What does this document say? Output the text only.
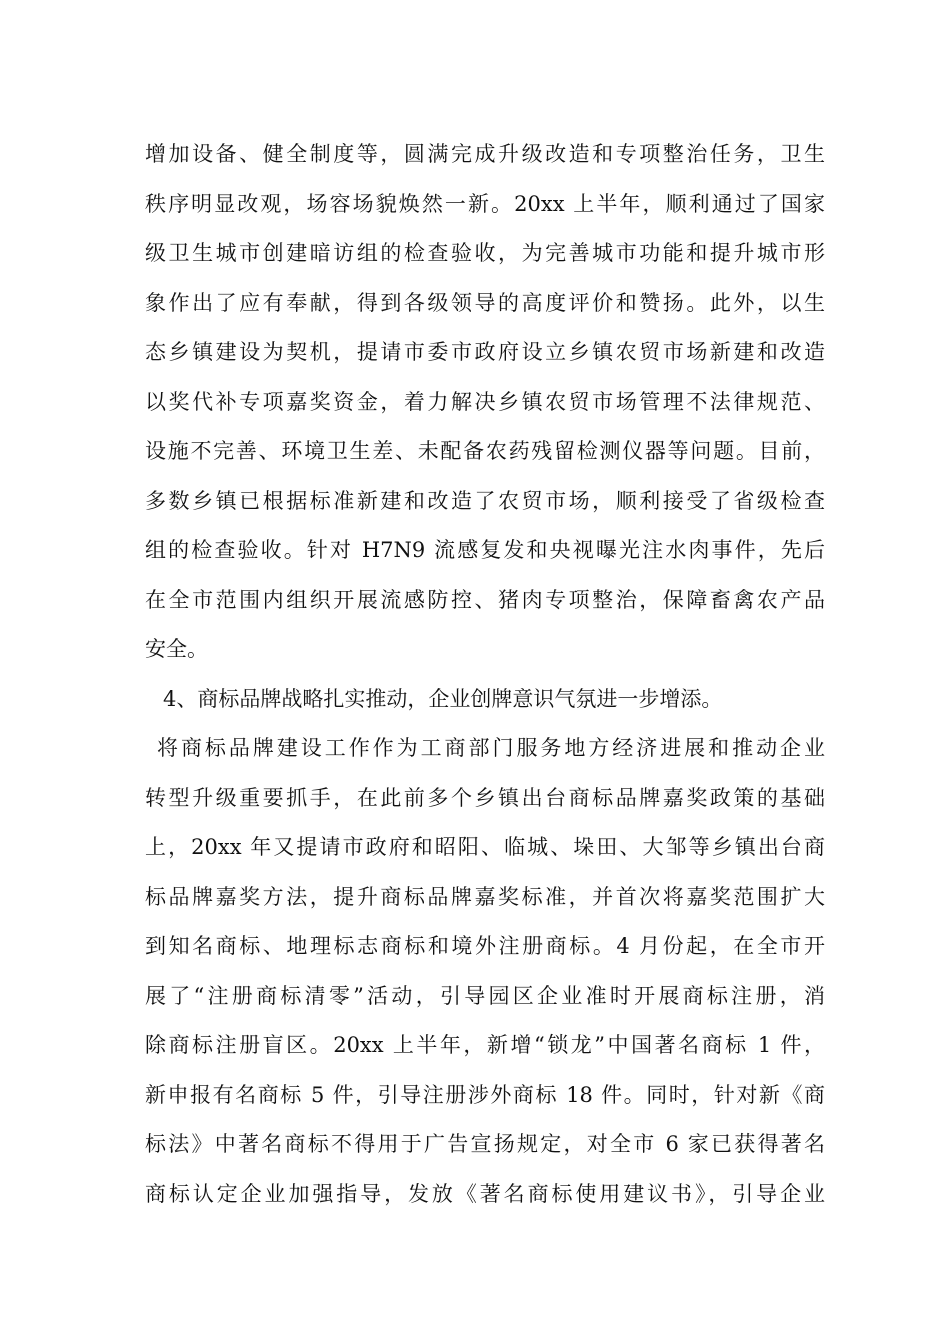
增加设备、健全制度等，圆满完成升级改造和专项整治任务，卫生
秩序明显改观，场容场貌焕然一新。20xx 上半年，顺利通过了国家
级卫生城市创建暗访组的检查验收，为完善城市功能和提升城市形
象作出了应有奉献，得到各级领导的高度评价和赞扬。此外，以生
态乡镇建设为契机，提请市委市政府设立乡镇农贸市场新建和改造
以奖代补专项嘉奖资金，着力解决乡镇农贸市场管理不法律规范、
设施不完善、环境卫生差、未配备农药残留检测仪器等问题。目前，
多数乡镇已根据标准新建和改造了农贸市场，顺利接受了省级检查
组的检查验收。针对 H7N9 流感复发和央视曝光注水肉事件，先后
在全市范围内组织开展流感防控、猪肉专项整治，保障畜禽农产品
安全。
4、商标品牌战略扎实推动，企业创牌意识气氛进一步增添。
将商标品牌建设工作作为工商部门服务地方经济进展和推动企业
转型升级重要抓手，在此前多个乡镇出台商标品牌嘉奖政策的基础
上，20xx 年又提请市政府和昭阳、临城、垛田、大邹等乡镇出台商
标品牌嘉奖方法，提升商标品牌嘉奖标准，并首次将嘉奖范围扩大
到知名商标、地理标志商标和境外注册商标。4 月份起，在全市开
展了“注册商标清零”活动，引导园区企业准时开展商标注册，消
除商标注册盲区。20xx 上半年，新增“锁龙”中国著名商标 1 件，
新申报有名商标 5 件，引导注册涉外商标 18 件。同时，针对新《商
标法》中著名商标不得用于广告宣扬规定，对全市 6 家已获得著名
商标认定企业加强指导，发放《著名商标使用建议书》，引导企业
